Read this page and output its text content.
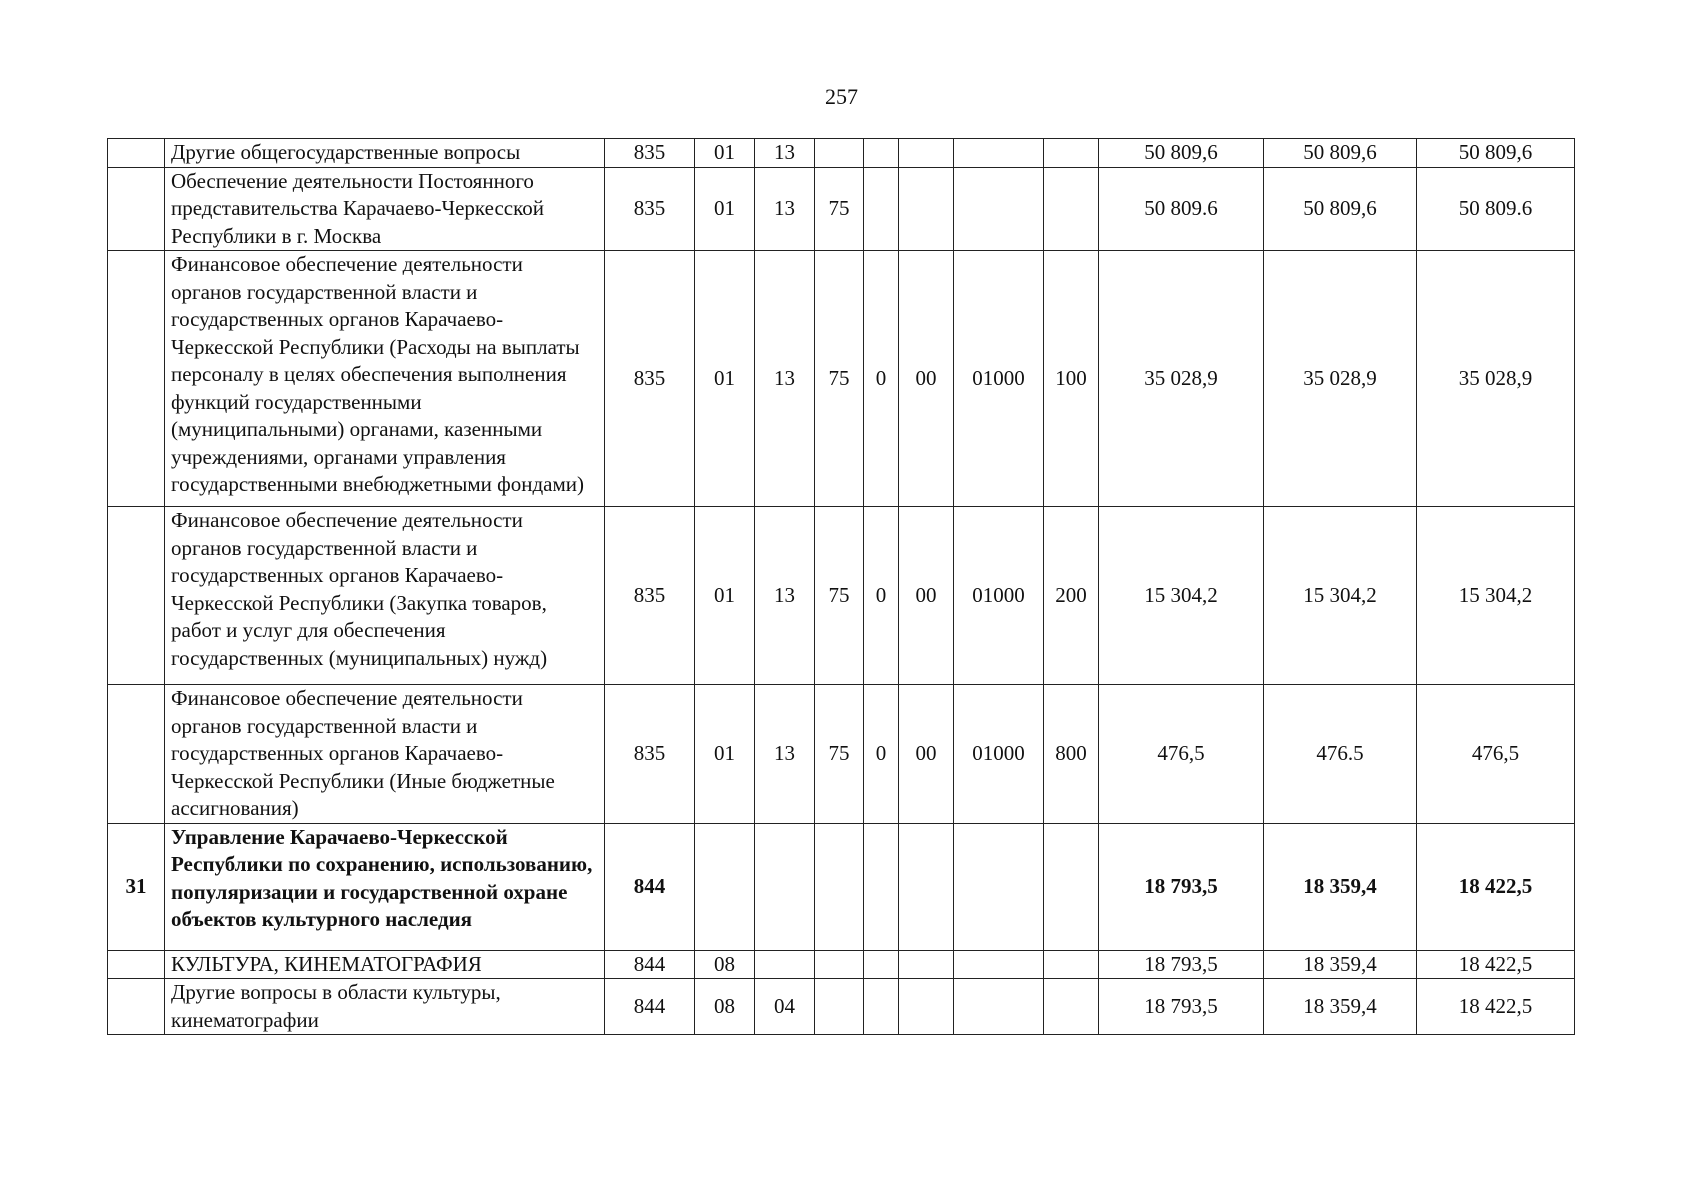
257
	Другие общегосударственные вопросы	835	01	13						50 809,6	50 809,6	50 809,6
	Обеспечение деятельности Постоянного представительства Карачаево-Черкесской Республики в г. Москва	835	01	13	75					50 809.6	50 809,6	50 809.6
	Финансовое обеспечение деятельности органов государственной власти и государственных органов Карачаево-Черкесской Республики (Расходы на выплаты персоналу в целях обеспечения выполнения функций государственными (муниципальными) органами, казенными учреждениями, органами управления государственными внебюджетными фондами)	835	01	13	75	0	00	01000	100	35 028,9	35 028,9	35 028,9
	Финансовое обеспечение деятельности органов государственной власти и государственных органов Карачаево-Черкесской Республики (Закупка товаров, работ и услуг для обеспечения государственных (муниципальных) нужд)	835	01	13	75	0	00	01000	200	15 304,2	15 304,2	15 304,2
	Финансовое обеспечение деятельности органов государственной власти и государственных органов Карачаево-Черкесской Республики (Иные бюджетные ассигнования)	835	01	13	75	0	00	01000	800	476,5	476.5	476,5
31	Управление Карачаево-Черкесской Республики по сохранению, использованию, популяризации и государственной охране объектов культурного наследия	844								18 793,5	18 359,4	18 422,5
	КУЛЬТУРА, КИНЕМАТОГРАФИЯ	844	08							18 793,5	18 359,4	18 422,5
	Другие вопросы в области культуры, кинематографии	844	08	04						18 793,5	18 359,4	18 422,5
